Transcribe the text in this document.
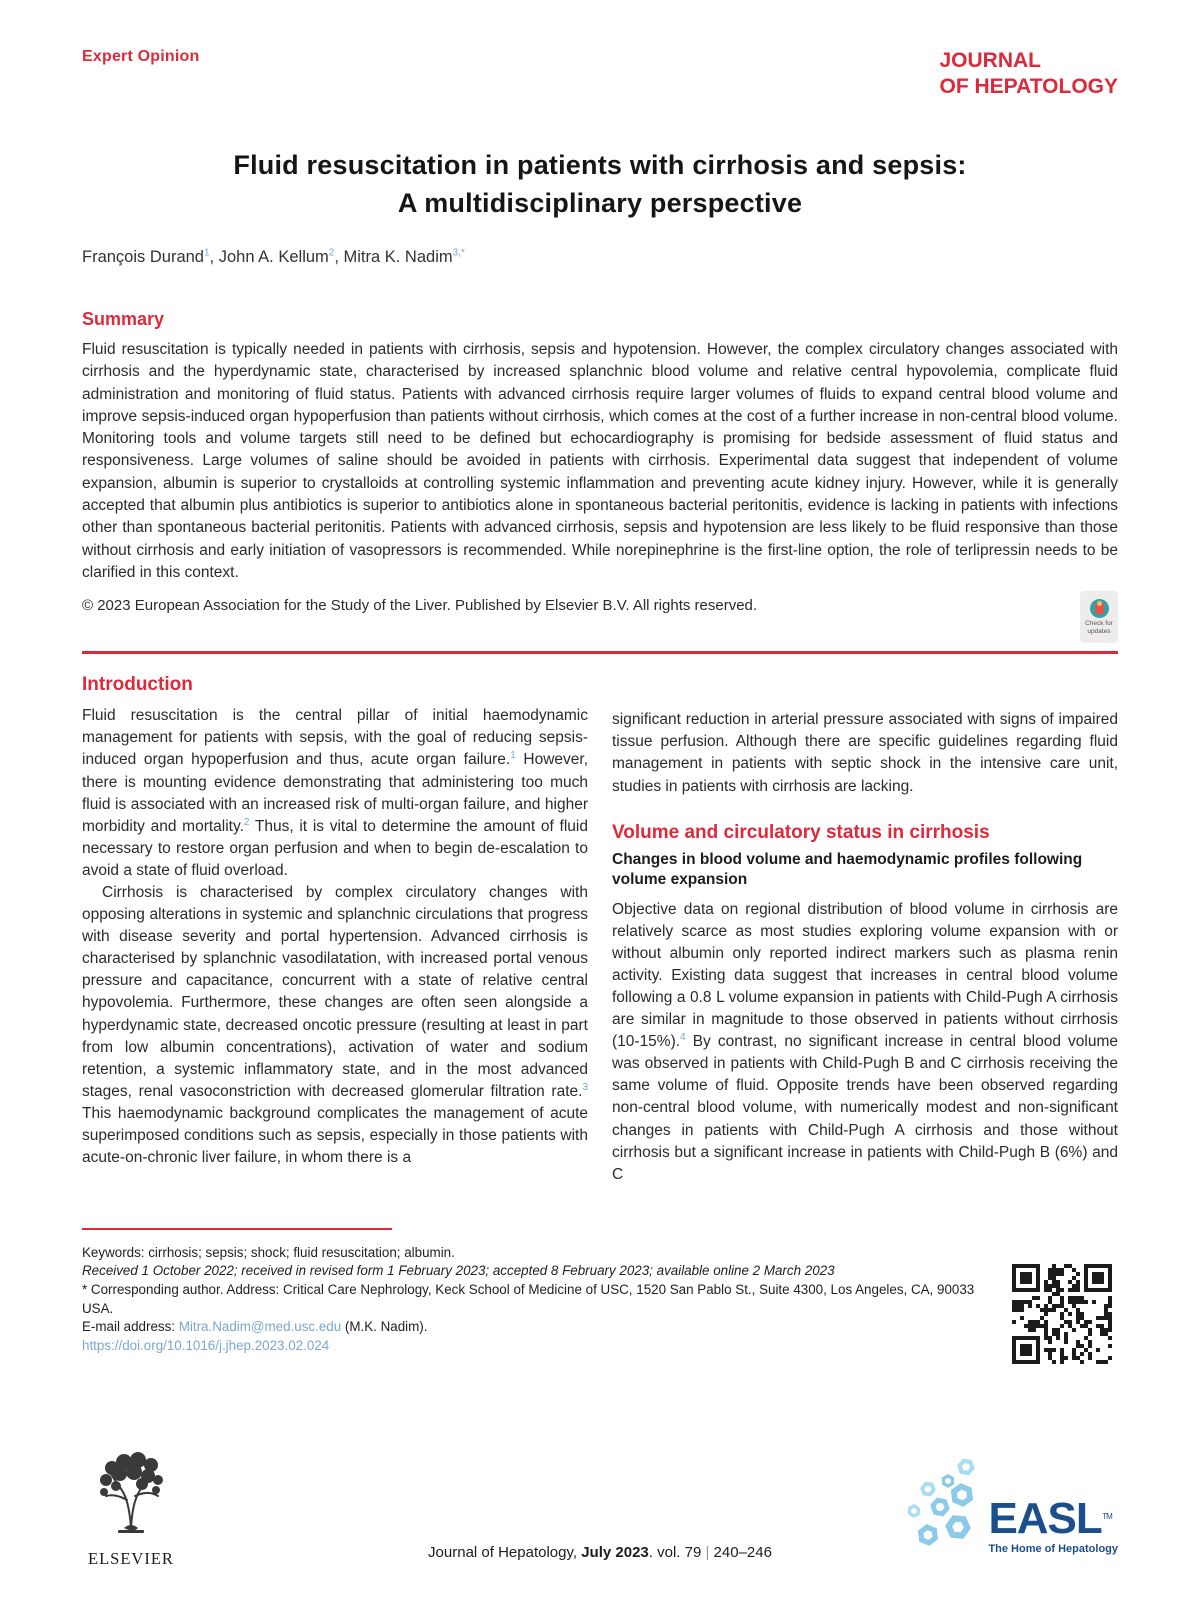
Expert Opinion	JOURNAL
OF HEPATOLOGY
Fluid resuscitation in patients with cirrhosis and sepsis:
A multidisciplinary perspective
François Durand$^1$, John A. Kellum$^2$, Mitra K. Nadim$^{3,*}$
Summary
Fluid resuscitation is typically needed in patients with cirrhosis, sepsis and hypotension. However, the complex circulatory changes associated with cirrhosis and the hyperdynamic state, characterised by increased splanchnic blood volume and relative central hypovolemia, complicate fluid administration and monitoring of fluid status. Patients with advanced cirrhosis require larger volumes of fluids to expand central blood volume and improve sepsis-induced organ hypoperfusion than patients without cirrhosis, which comes at the cost of a further increase in non-central blood volume. Monitoring tools and volume targets still need to be defined but echocardiography is promising for bedside assessment of fluid status and responsiveness. Large volumes of saline should be avoided in patients with cirrhosis. Experimental data suggest that independent of volume expansion, albumin is superior to crystalloids at controlling systemic inflammation and preventing acute kidney injury. However, while it is generally accepted that albumin plus antibiotics is superior to antibiotics alone in spontaneous bacterial peritonitis, evidence is lacking in patients with infections other than spontaneous bacterial peritonitis. Patients with advanced cirrhosis, sepsis and hypotension are less likely to be fluid responsive than those without cirrhosis and early initiation of vasopressors is recommended. While norepinephrine is the first-line option, the role of terlipressin needs to be clarified in this context.
© 2023 European Association for the Study of the Liver. Published by Elsevier B.V. All rights reserved.
Check for
updates
Introduction

Fluid resuscitation is the central pillar of initial haemodynamic management for patients with sepsis, with the goal of reducing sepsis-induced organ hypoperfusion and thus, acute organ failure.$^1$ However, there is mounting evidence demonstrating that administering too much fluid is associated with an increased risk of multi-organ failure, and higher morbidity and mortality.$^2$ Thus, it is vital to determine the amount of fluid necessary to restore organ perfusion and when to begin de-escalation to avoid a state of fluid overload.

Cirrhosis is characterised by complex circulatory changes with opposing alterations in systemic and splanchnic circulations that progress with disease severity and portal hypertension. Advanced cirrhosis is characterised by splanchnic vasodilatation, with increased portal venous pressure and capacitance, concurrent with a state of relative central hypovolemia. Furthermore, these changes are often seen alongside a hyperdynamic state, decreased oncotic pressure (resulting at least in part from low albumin concentrations), activation of water and sodium retention, a systemic inflammatory state, and in the most advanced stages, renal vasoconstriction with decreased glomerular filtration rate.$^3$ This haemodynamic background complicates the management of acute superimposed conditions such as sepsis, especially in those patients with acute-on-chronic liver failure, in whom there is a

significant reduction in arterial pressure associated with signs of impaired tissue perfusion. Although there are specific guidelines regarding fluid management in patients with septic shock in the intensive care unit, studies in patients with cirrhosis are lacking.

Volume and circulatory status in cirrhosis
Changes in blood volume and haemodynamic profiles following volume expansion

Objective data on regional distribution of blood volume in cirrhosis are relatively scarce as most studies exploring volume expansion with or without albumin only reported indirect markers such as plasma renin activity. Existing data suggest that increases in central blood volume following a 0.8 L volume expansion in patients with Child-Pugh A cirrhosis are similar in magnitude to those observed in patients without cirrhosis (10-15%).$^4$ By contrast, no significant increase in central blood volume was observed in patients with Child-Pugh B and C cirrhosis receiving the same volume of fluid. Opposite trends have been observed regarding non-central blood volume, with numerically modest and non-significant changes in patients with Child-Pugh A cirrhosis and those without cirrhosis but a significant increase in patients with Child-Pugh B (6%) and C

Keywords: cirrhosis; sepsis; shock; fluid resuscitation; albumin.
Received 1 October 2022; received in revised form 1 February 2023; accepted 8 February 2023; available online 2 March 2023
* Corresponding author. Address: Critical Care Nephrology, Keck School of Medicine of USC, 1520 San Pablo St., Suite 4300, Los Angeles, CA, 90033 USA.
E-mail address: Mitra.Nadim@med.usc.edu (M.K. Nadim).
https://doi.org/10.1016/j.jhep.2023.02.024
ELSEVIER	Journal of Hepatology, July 2023. vol. 79 | 240–246
EASL TM
The Home of Hepatology
